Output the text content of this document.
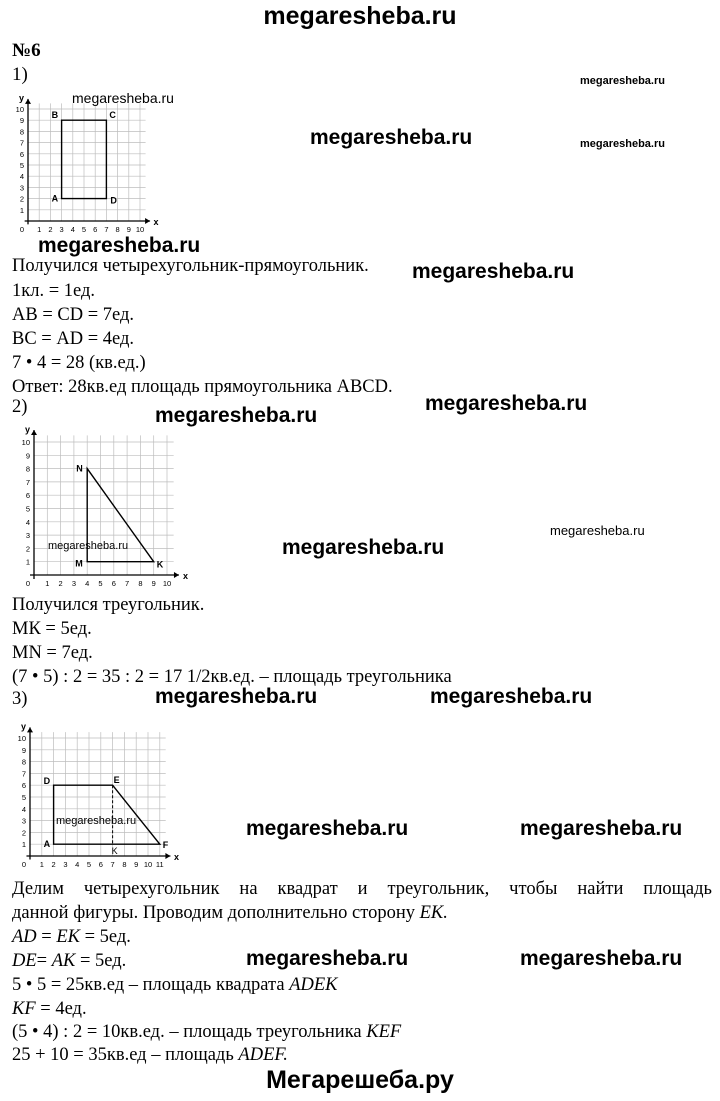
megaresheba.ru
№6
1)
1 2 3 4 5 6 7 8 9 10
1
2
3
4
5
6
7
8
9
10
0
x
y
A
B	C
D
megaresheba.ru
megaresheba.ru
megaresheba.ru	megaresheba.ru
megaresheba.ru
megaresheba.ru
Получился четырехугольник-прямоугольник.
1кл. = 1ед.
АВ = CD = 7ед.
ВС = AD = 4ед.
7 • 4 = 28 (кв.ед.)
Ответ: 28кв.ед площадь прямоугольника ABCD.
2)	megaresheba.ru
megaresheba.ru
1 2 3 4 5 6 7 8 9 10
1
2
3
4
5
6
7
8
9
10
0
x
y
N
M	K
megaresheba.ru	megaresheba.ru
megaresheba.ru
Получился треугольник.
МК = 5ед.
MN = 7ед.
(7 • 5) : 2 = 35 : 2 = 17 1/2кв.ед. – площадь треугольника
3)	megaresheba.ru	megaresheba.ru
1 2 3 4 5 6 7 8 9 10 11
1
2
3
4
5
6
7
8
9
10
0
x
y
A
D	E
F
K
megaresheba.ru	megaresheba.ru	megaresheba.ru
Делим четырехугольник на квадрат и треугольник, чтобы найти площадь
данной фигуры. Проводим дополнительно сторону ЕК.
AD = ЕК = 5ед.
DE= АК = 5ед.	megaresheba.ru	megaresheba.ru
5 • 5 = 25кв.ед – площадь квадрата ADEK
KF = 4ед.
(5 • 4) : 2 = 10кв.ед. – площадь треугольника KEF
25 + 10 = 35кв.ед – площадь ADEF.
Мегарешеба.ру
